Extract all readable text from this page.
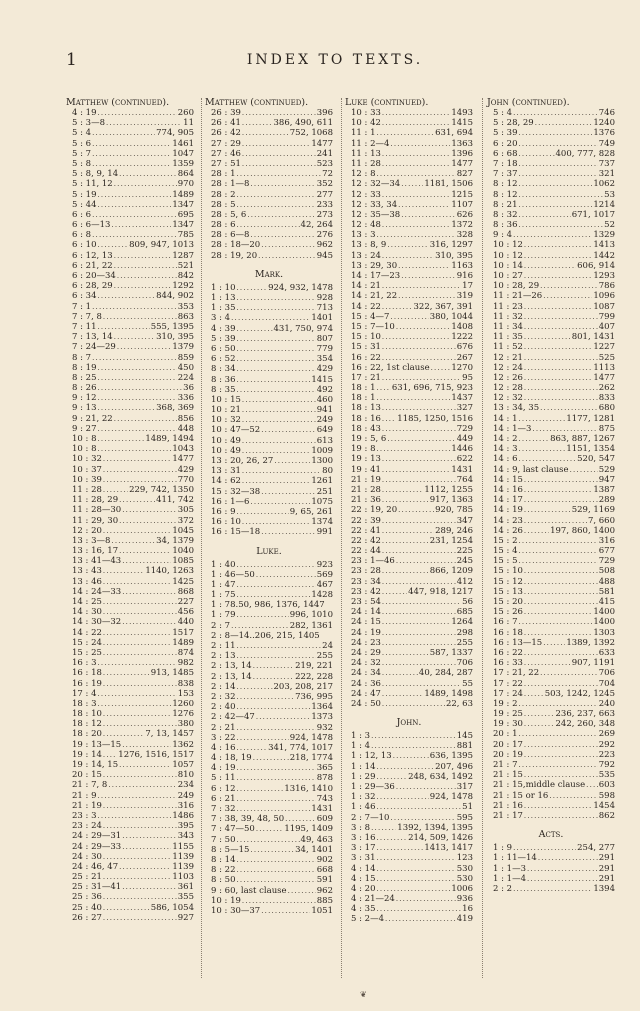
1	INDEX TO TEXTS.
Matthew (continued).
4 : 19 .....	260
5 : 3—8 .....	11
5 : 4 .....	774, 905
5 : 6 .....	1461
5 : 7 .....	1047
5 : 8 .....	1359
5 : 8, 9, 14 .....	864
5 : 11, 12 .....	970
5 : 19 .....	1489
5 : 44 .....	1347
6 : 6 .....	695
6 : 6—13 .....	1347
6 : 8 .....	785
6 : 10 .....	809, 947, 1013
6 : 12, 13 .....	1287
6 : 21, 22 .....	521
6 : 20—34 .....	842
6 : 28, 29 .....	1292
6 : 34 .....	844, 902
7 : 1 .....	353
7 : 7, 8 .....	863
7 : 11 .....	555, 1395
7 : 13, 14 .....	310, 395
7 : 24—29 .....	1379
8 : 7 .....	859
8 : 19 .....	450
8 : 25 .....	224
8 : 26 .....	36
9 : 12 .....	336
9 : 13 .....	368, 369
9 : 21, 22 .....	856
9 : 27 .....	448
10 : 8 .....	1489, 1494
10 : 8 .....	1043
10 : 32 .....	1477
10 : 37 .....	429
10 : 39 .....	770
11 : 28 .....	229, 742, 1350
11 : 28, 29 .....	411, 742
11 : 28—30 .....	305
11 : 29, 30 .....	372
12 : 20 .....	1045
13 : 3—8 .....	34, 1379
13 : 16, 17 .....	1040
13 : 41—43 .....	1085
13 : 43 .....	1140, 1263
13 : 46 .....	1425
14 : 24—33 .....	868
14 : 25 .....	227
14 : 30 .....	456
14 : 30—32 .....	440
14 : 22 .....	1517
15 : 24 .....	1489
15 : 25 .....	874
16 : 3 .....	982
16 : 18 .....	913, 1485
16 : 19 .....	838
17 : 4 .....	153
18 : 3 .....	1260
18 : 10 .....	1276
18 : 12 .....	380
18 : 20 .....	7, 13, 1457
19 : 13—15 .....	1362
19 : 14 ..... 1276, 1516, 1517
19 : 14, 15 .....	1057
20 : 15 .....	810
21 : 7, 8 .....	234
21 : 9 .....	249
21 : 19 .....	316
23 : 3 .....	1486
23 : 24 .....	395
24 : 29—31 .....	343
24 : 29—33 .....	1155
24 : 30 .....	1139
24 : 46, 47 .....	1139
25 : 21 .....	1103
25 : 31—41 .....	361
25 : 36 .....	355
25 : 40 .....	586, 1054
26 : 27 .....	927
Matthew (continued).
26 : 39 .....	396
26 : 41 .....	386, 490, 611
26 : 42 .....	752, 1068
27 : 29 .....	1477
27 : 46 .....	241
27 : 51 .....	523
28 : 1 .....	72
28 : 1—8 .....	352
28 : 2 .....	277
28 : 5 .....	233
28 : 5, 6 .....	273
28 : 6 .....	42, 264
28 : 6—8 .....	276
28 : 18—20 .....	962
28 : 19, 20 .....	945
Mark.
1 : 10 .....	924, 932, 1478
1 : 13 .....	928
1 : 35 .....	713
3 : 4 .....	1401
4 : 39 .....	431, 750, 974
5 : 39 .....	807
6 : 50 .....	779
6 : 52 .....	354
8 : 34 .....	429
8 : 36 .....	1415
8 : 35 .....	492
10 : 15 .....	460
10 : 21 .....	941
10 : 32 .....	249
10 : 47—52 .....	649
10 : 49 .....	613
10 : 49 .....	1009
13 : 20, 26, 27 .....	1300
13 : 31 .....	80
14 : 62 .....	1261
15 : 32—38 .....	251
16 : 1—6 .....	1075
16 : 9 .....	9, 65, 261
16 : 10 .....	1374
16 : 15—18 .....	991
Luke.
1 : 40 .....	923
1 : 46—50 .....	569
1 : 47 .....	467
1 : 75 .....	1428
1 : 78.50, 986, 1376, 1447
1 : 79 .....	996, 1010
2 : 7 .....	282, 1361
2 : 8—14..206, 215, 1405
2 : 11 .....	24
2 : 13 .....	255
2 : 13, 14 .....	219, 221
2 : 13, 14 .....	222, 228
2 : 14 .....	203, 208, 217
2 : 32 .....	736, 995
2 : 40 .....	1364
2 : 42—47 .....	1373
2 : 21 .....	932
3 : 22 .....	924, 1478
4 : 16 .....	341, 774, 1017
4 : 18, 19 .....	218, 1774
4 : 19 .....	365
5 : 11 .....	878
6 : 12 .....	1316, 1410
6 : 21 .....	743
7 : 32 .....	1431
7 : 38, 39, 48, 50 .....	609
7 : 47—50 .....	1195, 1409
7 : 50 .....	49, 463
8 : 5—15 .....	34, 1401
8 : 14 .....	902
8 : 22 .....	668
8 : 50 .....	591
9 : 60, last clause .....	962
10 : 19 .....	885
10 : 30—37 .....	1051
Luke (continued).
10 : 33 .....	1493
10 : 42 .....	1415
11 : 1 .....	631, 694
11 : 2—4 .....	1363
11 : 13 .....	1396
11 : 28 .....	1477
12 : 8 .....	827
12 : 32—34 .....	1181, 1506
12 : 33 .....	1215
12 : 33, 34 .....	1107
12 : 35—38 .....	626
12 : 48 .....	1372
13 : 3 .....	328
13 : 8, 9 .....	316, 1297
13 : 24 .....	310, 395
13 : 29, 30 .....	1163
14 : 17—23 .....	916
14 : 21 .....	17
14 : 21, 22 .....	319
14 : 22 .....	322, 367, 391
15 : 4—7 .....	380, 1044
15 : 7—10 .....	1408
15 : 10 .....	1222
15 : 31 .....	676
16 : 22 .....	267
16 : 22, 1st clause .....	1270
17 : 21 .....	95
18 : 1 ..... 631, 696, 715, 923
18 : 1 .....	1437
18 : 13 .....	327
18 : 16 ..... 1185, 1250, 1516
18 : 43 .....	729
19 : 5, 6 .....	449
19 : 8 .....	1446
19 : 13 .....	622
19 : 41 .....	1431
21 : 19 .....	764
21 : 28 .....	1112, 1255
21 : 36 .....	917, 1363
22 : 19, 20 .....	920, 785
22 : 39 .....	347
22 : 41 .....	289, 246
22 : 42 .....	231, 1254
22 : 44 .....	225
23 : 1—46 .....	245
23 : 28 .....	866, 1209
23 : 34 .....	412
23 : 42 .....	447, 918, 1217
23 : 54 .....	56
24 : 14 .....	685
24 : 15 .....	1264
24 : 19 .....	298
24 : 23 .....	255
24 : 29 .....	587, 1337
24 : 32 .....	706
24 : 34 .....	40, 284, 287
24 : 36 .....	55
24 : 47 .....	1489, 1498
24 : 50 .....	22, 63
John.
1 : 3 .....	145
1 : 4 .....	881
1 : 12, 13 .....	636, 1395
1 : 14 .....	207, 496
1 : 29 .....	248, 634, 1492
1 : 29—36 .....	317
1 : 32 .....	924, 1478
1 : 46 .....	51
2 : 7—10 .....	595
3 : 8 .....	1392, 1394, 1395
3 : 16 .....	214, 509, 1426
3 : 17 .....	1413, 1417
3 : 31 .....	123
4 : 14 .....	530
4 : 15 .....	530
4 : 20 .....	1006
4 : 21—24 .....	936
4 : 35 .....	16
5 : 2—4 .....	419
John (continued).
5 : 4 .....	746
5 : 28, 29 .....	1240
5 : 39 .....	1376
6 : 20 .....	749
6 : 68 .....	400, 777, 828
7 : 18 .....	737
7 : 37 .....	321
8 : 12 .....	1062
8 : 12 .....	53
8 : 21 .....	1214
8 : 32 .....	671, 1017
8 : 36 .....	52
9 : 4 .....	1329
10 : 12 .....	1413
10 : 12 .....	1442
10 : 14 .....	606, 914
10 : 27 .....	1293
10 : 28, 29 .....	786
11 : 21—26 .....	1096
11 : 23 .....	1087
11 : 32 .....	799
11 : 34 .....	407
11 : 35 .....	801, 1431
11 : 52 .....	1227
12 : 21 .....	525
12 : 24 .....	1113
12 : 26 .....	1477
12 : 28 .....	262
12 : 32 .....	833
13 : 34, 35 .....	680
14 : 1 .....	1177, 1281
14 : 1—3 .....	875
14 : 2 .....	863, 887, 1267
14 : 3 .....	1151, 1354
14 : 6 .....	520, 547
14 : 9, last clause .....	529
14 : 15 .....	947
14 : 16 .....	1387
14 : 17 .....	289
14 : 19 .....	529, 1169
14 : 23 .....	7, 660
14 : 26 .....	197, 860, 1400
15 : 2 .....	316
15 : 4 .....	677
15 : 5 .....	729
15 : 10 .....	508
15 : 12 .....	488
15 : 13 .....	581
15 : 20 .....	415
15 : 26 .....	1400
16 : 7 .....	1400
16 : 18 .....	1303
16 : 13—15 .....	1389, 1392
16 : 22 .....	633
16 : 33 .....	907, 1191
17 : 21, 22 .....	706
17 : 22 .....	704
17 : 24 .....	503, 1242, 1245
19 : 2 .....	240
19 : 25 .....	236, 237, 663
19 : 30 .....	242, 260, 348
20 : 1 .....	269
20 : 17 .....	292
20 : 19 .....	223
21 : 7 .....	792
21 : 15 .....	535
21 : 15,middle clause ..... 603
21 : 15 or 16 .....	598
21 : 16 .....	1454
21 : 17 .....	862
Acts.
1 : 9 .....	254, 277
1 : 11—14 .....	291
1 : 1—3 .....	291
1 : 1—4 .....	291
2 : 2 .....	1394
❦
